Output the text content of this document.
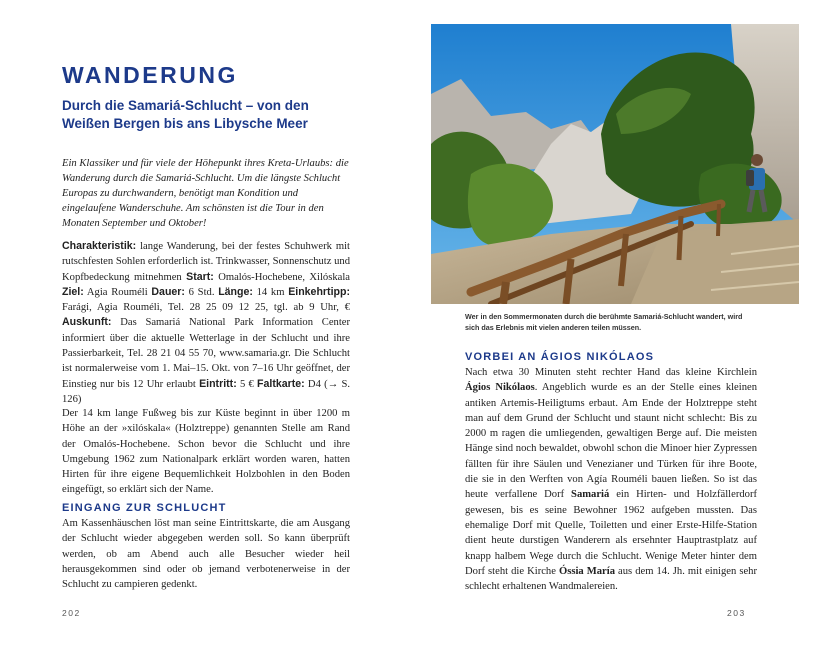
WANDERUNG
Durch die Samariá-Schlucht – von den Weißen Bergen bis ans Libysche Meer

Ein Klassiker und für viele der Höhepunkt ihres Kreta-Urlaubs: die Wanderung durch die Samariá-Schlucht. Um die längste Schlucht Europas zu durchwandern, benötigt man Kondition und eingelaufene Wanderschuhe. Am schönsten ist die Tour in den Monaten September und Oktober!

Charakteristik: lange Wanderung, bei der festes Schuhwerk mit rutschfesten Sohlen erforderlich ist. Trinkwasser, Sonnenschutz und Kopfbedeckung mitnehmen Start: Omalós-Hochebene, Xilóskala Ziel: Agia Rouméli Dauer: 6 Std. Länge: 14 km Einkehrtipp: Farági, Agia Rouméli, Tel. 28 25 09 12 25, tgl. ab 9 Uhr, € Auskunft: Das Samariá National Park Information Center informiert über die aktuelle Wetterlage in der Schlucht und ihre Passierbarkeit, Tel. 28 21 04 55 70, www.samaria.gr. Die Schlucht ist normalerweise vom 1. Mai–15. Okt. von 7–16 Uhr geöffnet, der Einstieg nur bis 12 Uhr erlaubt Eintritt: 5 € Faltkarte: D4 (→ S. 126)

Der 14 km lange Fußweg bis zur Küste beginnt in über 1200 m Höhe an der »xilóskala« (Holztreppe) genannten Stelle am Rand der Omalós-Hochebene. Schon bevor die Schlucht und ihre Umgebung 1962 zum Nationalpark erklärt worden waren, hatten Hirten für ihre eigene Bequemlichkeit Holzbohlen in den Boden eingefügt, so erklärt sich der Name.

EINGANG ZUR SCHLUCHT

Am Kassenhäuschen löst man seine Eintrittskarte, die am Ausgang der Schlucht wieder abgegeben werden soll. So kann überprüft werden, ob am Abend auch alle Besucher wieder heil herausgekommen sind oder ob jemand verbotenerweise in der Schlucht zu campieren gedenkt.

202

Wer in den Sommermonaten durch die berühmte Samariá-Schlucht wandert, wird sich das Erlebnis mit vielen anderen teilen müssen.

VORBEI AN ÁGIOS NIKÓLAOS

Nach etwa 30 Minuten steht rechter Hand das kleine Kirchlein Ágios Nikólaos. Angeblich wurde es an der Stelle eines kleinen antiken Artemis-Heiligtums erbaut. Am Ende der Holztreppe steht man auf dem Grund der Schlucht und staunt nicht schlecht: Bis zu 2000 m ragen die umliegenden, gewaltigen Berge auf. Die meisten Hänge sind noch bewaldet, obwohl schon die Minoer hier Zypressen fällten für ihre Säulen und Venezianer und Türken für ihre Boote, die sie in den Werften von Agía Rouméli bauen ließen. So ist das heute verfallene Dorf Samariá ein Hirten- und Holzfällerdorf gewesen, bis es seine Bewohner 1962 aufgeben mussten. Das ehemalige Dorf mit Quelle, Toiletten und einer Erste-Hilfe-Station dient heute durstigen Wanderern als ersehnter Hauptrastplatz auf knapp halbem Wege durch die Schlucht. Wenige Meter hinter dem Dorf steht die Kirche Óssia María aus dem 14. Jh. mit einigen sehr schlecht erhaltenen Wandmalereien.

203
